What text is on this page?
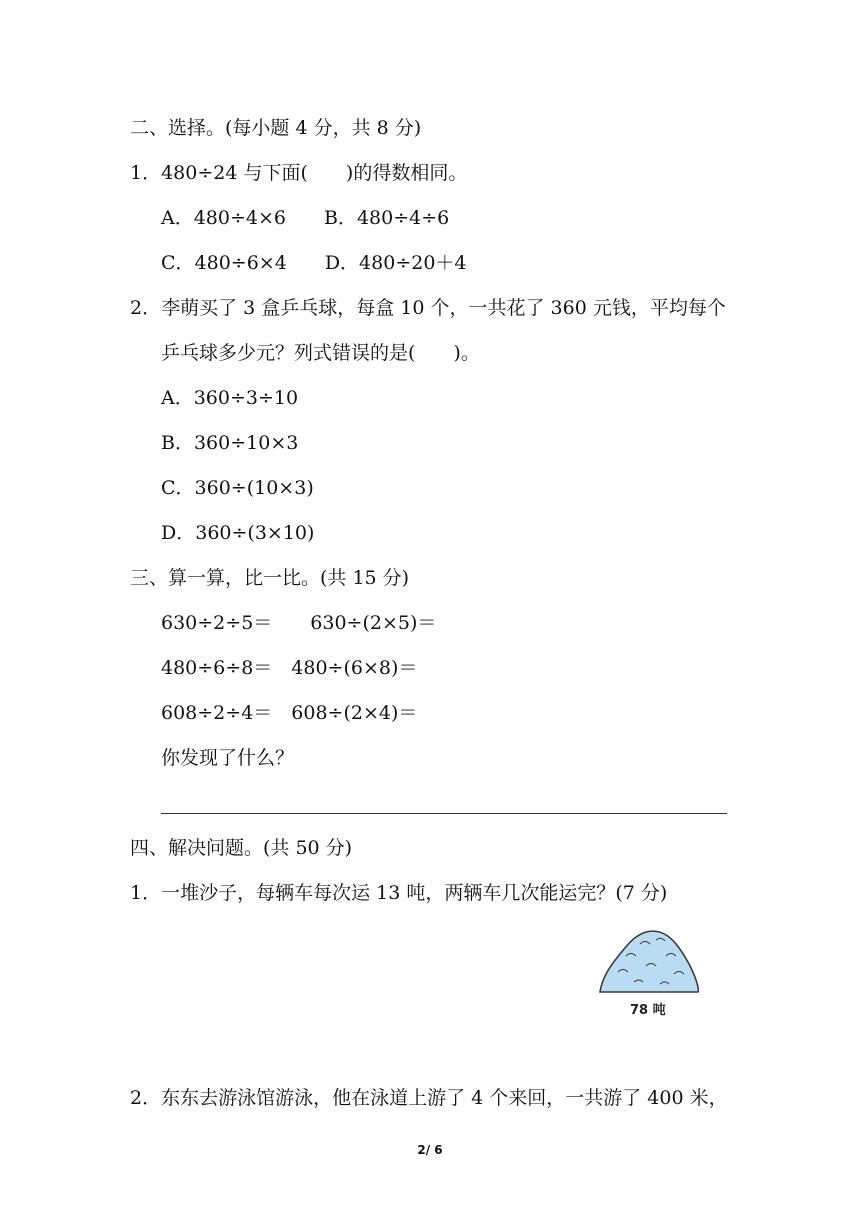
二、选择。(每小题 4 分，共 8 分)
1．480÷24 与下面(　　)的得数相同。
A．480÷4×6　　B．480÷4÷6
C．480÷6×4　　D．480÷20＋4
2．李萌买了 3 盒乒乓球，每盒 10 个，一共花了 360 元钱，平均每个
乒乓球多少元？列式错误的是(　　)。
A．360÷3÷10
B．360÷10×3
C．360÷(10×3)
D．360÷(3×10)
三、算一算，比一比。(共 15 分)
630÷2÷5＝　　630÷(2×5)＝
480÷6÷8＝　480÷(6×8)＝
608÷2÷4＝　608÷(2×4)＝
你发现了什么？
四、解决问题。(共 50 分)
1．一堆沙子，每辆车每次运 13 吨，两辆车几次能运完？(7 分)
78 吨
2．东东去游泳馆游泳，他在泳道上游了 4 个来回，一共游了 400 米，
2/ 6
